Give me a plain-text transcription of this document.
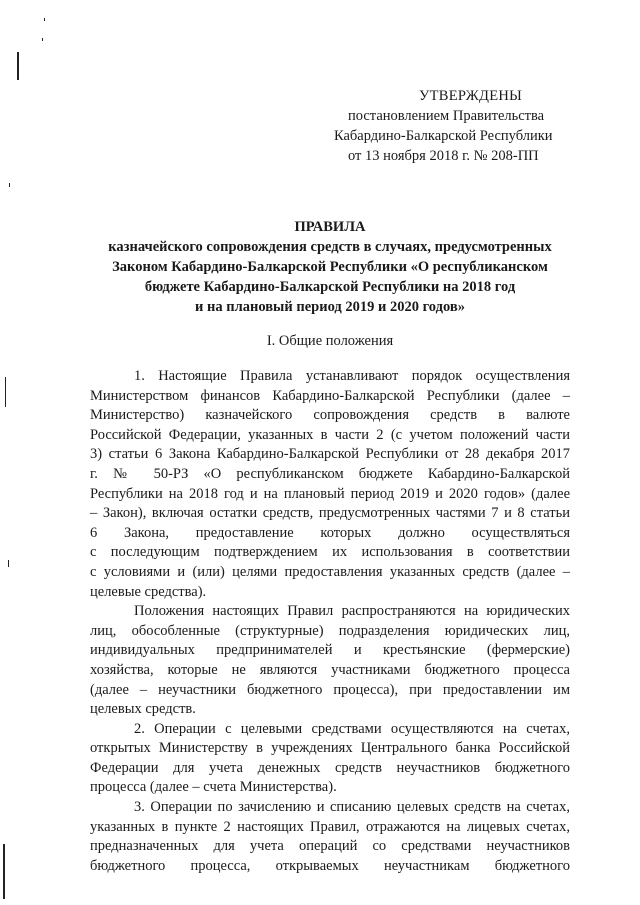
УТВЕРЖДЕНЫ
постановлением Правительства
Кабардино-Балкарской Республики
от 13 ноября 2018 г. № 208-ПП
ПРАВИЛА
казначейского сопровождения средств в случаях, предусмотренных
Законом Кабардино-Балкарской Республики «О республиканском
бюджете Кабардино-Балкарской Республики на 2018 год
и на плановый период 2019 и 2020 годов»
I. Общие положения
1. Настоящие Правила устанавливают порядок осуществления
Министерством финансов Кабардино-Балкарской Республики (далее –
Министерство) казначейского сопровождения средств в валюте
Российской Федерации, указанных в части 2 (с учетом положений части
3) статьи 6 Закона Кабардино-Балкарской Республики от 28 декабря 2017
г. № 50-РЗ «О республиканском бюджете Кабардино-Балкарской
Республики на 2018 год и на плановый период 2019 и 2020 годов» (далее
– Закон), включая остатки средств, предусмотренных частями 7 и 8 статьи
6 Закона, предоставление которых должно осуществляться
с последующим подтверждением их использования в соответствии
с условиями и (или) целями предоставления указанных средств (далее –
целевые средства).
Положения настоящих Правил распространяются на юридических
лиц, обособленные (структурные) подразделения юридических лиц,
индивидуальных предпринимателей и крестьянские (фермерские)
хозяйства, которые не являются участниками бюджетного процесса
(далее – неучастники бюджетного процесса), при предоставлении им
целевых средств.
2. Операции с целевыми средствами осуществляются на счетах,
открытых Министерству в учреждениях Центрального банка Российской
Федерации для учета денежных средств неучастников бюджетного
процесса (далее – счета Министерства).
3. Операции по зачислению и списанию целевых средств на счетах,
указанных в пункте 2 настоящих Правил, отражаются на лицевых счетах,
предназначенных для учета операций со средствами неучастников
бюджетного процесса, открываемых неучастникам бюджетного
